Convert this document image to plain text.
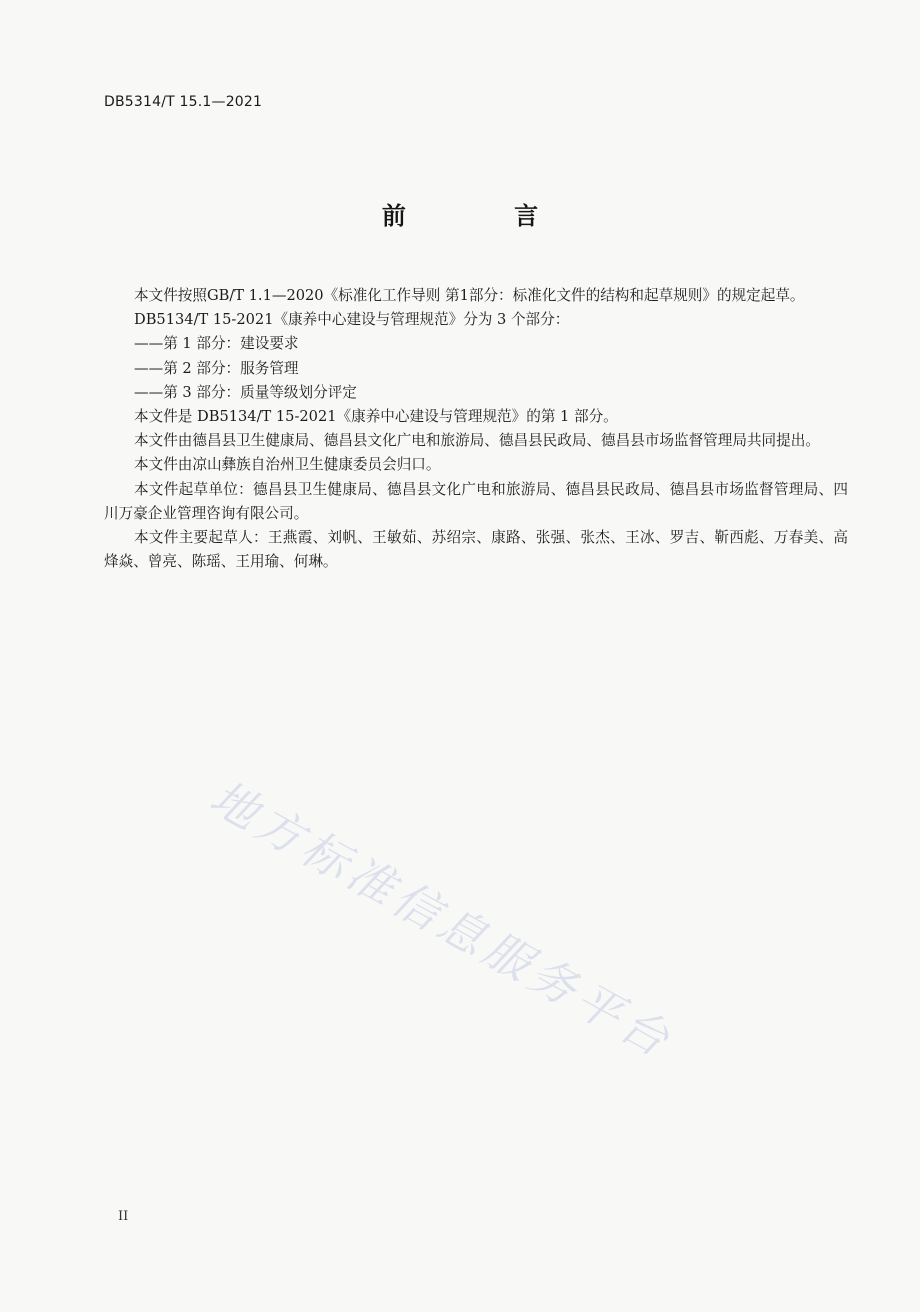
DB5314/T 15.1—2021
前 言

本文件按照GB/T 1.1—2020《标准化工作导则 第1部分：标准化文件的结构和起草规则》的规定起草。

DB5134/T 15-2021《康养中心建设与管理规范》分为 3 个部分：

——第 1 部分：建设要求

——第 2 部分：服务管理

——第 3 部分：质量等级划分评定

本文件是 DB5134/T 15-2021《康养中心建设与管理规范》的第 1 部分。

本文件由德昌县卫生健康局、德昌县文化广电和旅游局、德昌县民政局、德昌县市场监督管理局共同提出。

本文件由凉山彝族自治州卫生健康委员会归口。

本文件起草单位：德昌县卫生健康局、德昌县文化广电和旅游局、德昌县民政局、德昌县市场监督管理局、四川万豪企业管理咨询有限公司。

本文件主要起草人：王燕霞、刘帆、王敏茹、苏绍宗、康路、张强、张杰、王冰、罗吉、靳西彪、万春美、高烽焱、曾亮、陈瑶、王用瑜、何琳。

地方标准信息服务平台
II
